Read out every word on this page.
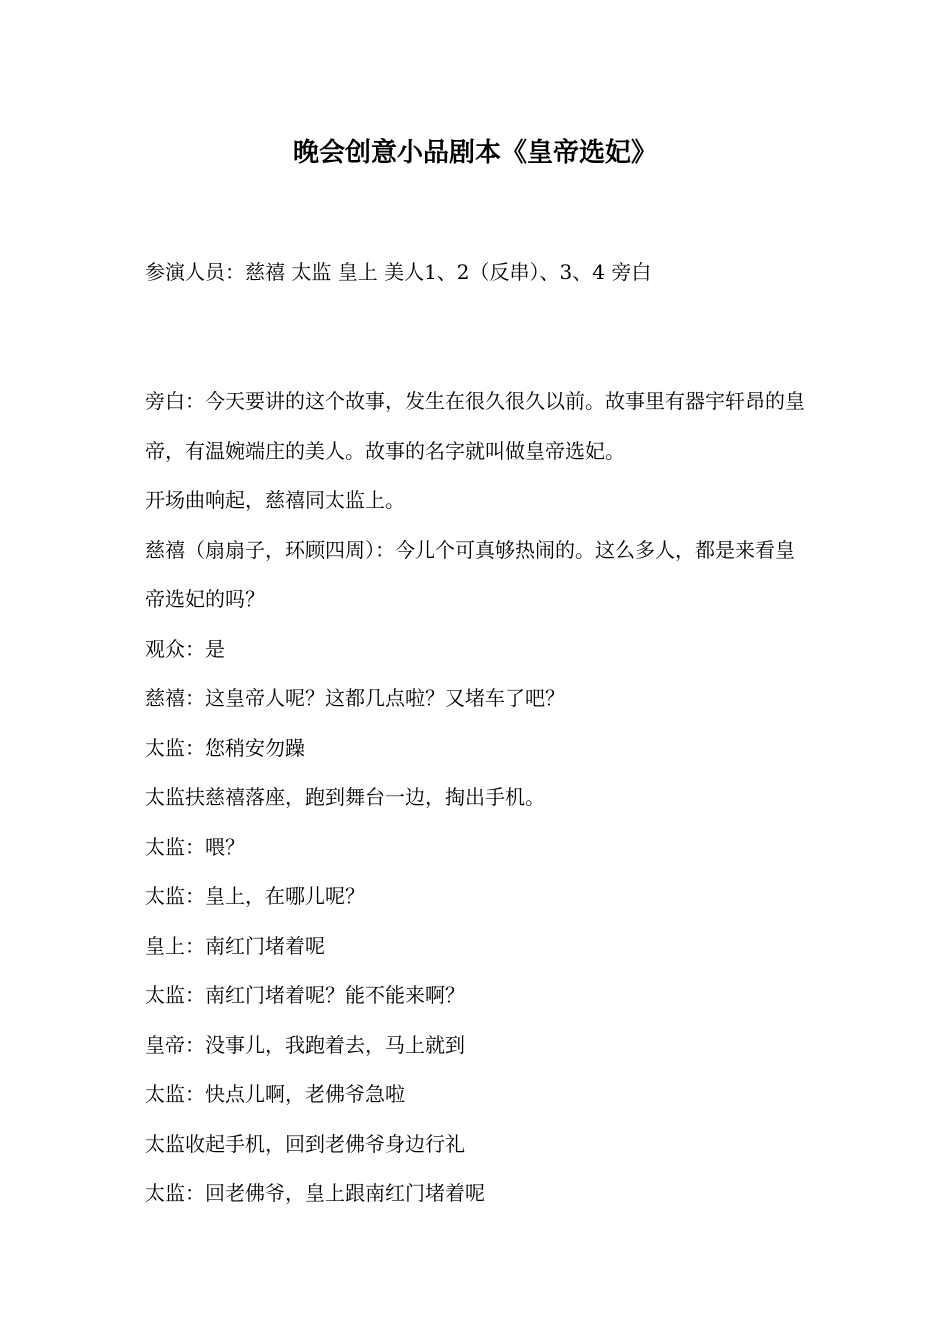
晚会创意小品剧本《皇帝选妃》
参演人员：慈禧 太监 皇上 美人1、2（反串）、3、4 旁白

旁白：今天要讲的这个故事，发生在很久很久以前。故事里有器宇轩昂的皇帝，有温婉端庄的美人。故事的名字就叫做皇帝选妃。

开场曲响起，慈禧同太监上。

慈禧（扇扇子，环顾四周）：今儿个可真够热闹的。这么多人，都是来看皇帝选妃的吗？

观众：是

慈禧：这皇帝人呢？这都几点啦？又堵车了吧？

太监：您稍安勿躁

太监扶慈禧落座，跑到舞台一边，掏出手机。

太监：喂？

太监：皇上，在哪儿呢？

皇上：南红门堵着呢

太监：南红门堵着呢？能不能来啊？

皇帝：没事儿，我跑着去，马上就到

太监：快点儿啊，老佛爷急啦

太监收起手机，回到老佛爷身边行礼

太监：回老佛爷，皇上跟南红门堵着呢
